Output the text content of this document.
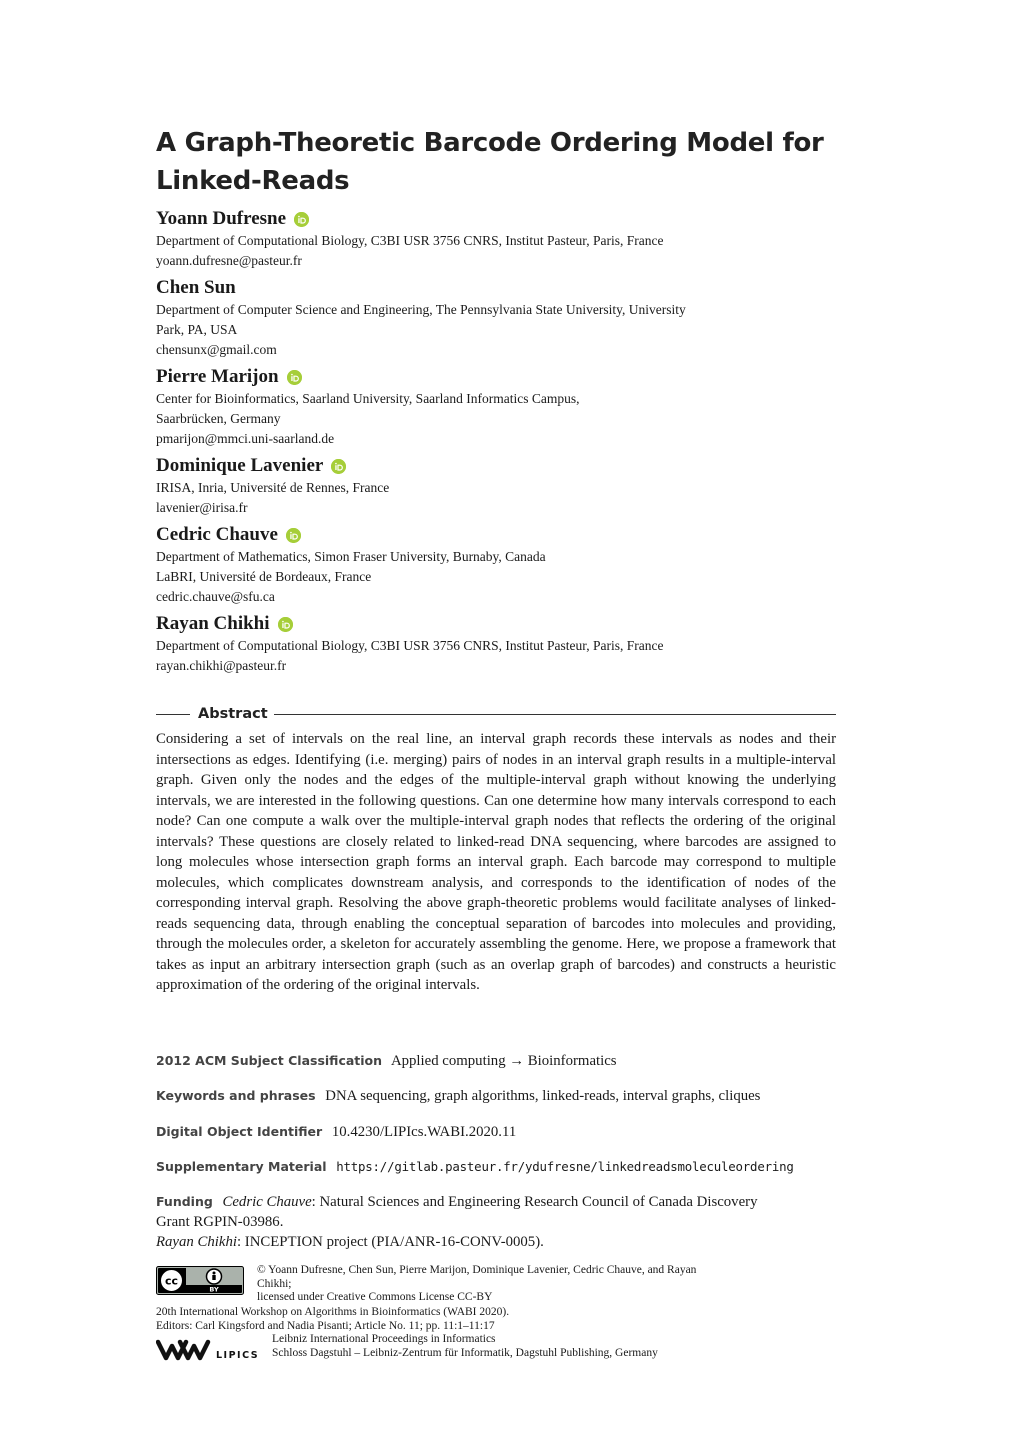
A Graph-Theoretic Barcode Ordering Model for
Linked-Reads
Yoann Dufresne
Department of Computational Biology, C3BI USR 3756 CNRS, Institut Pasteur, Paris, France
yoann.dufresne@pasteur.fr
Chen Sun
Department of Computer Science and Engineering, The Pennsylvania State University, University
Park, PA, USA
chensunx@gmail.com
Pierre Marijon
Center for Bioinformatics, Saarland University, Saarland Informatics Campus,
Saarbrücken, Germany
pmarijon@mmci.uni-saarland.de
Dominique Lavenier
IRISA, Inria, Université de Rennes, France
lavenier@irisa.fr
Cedric Chauve
Department of Mathematics, Simon Fraser University, Burnaby, Canada
LaBRI, Université de Bordeaux, France
cedric.chauve@sfu.ca
Rayan Chikhi
Department of Computational Biology, C3BI USR 3756 CNRS, Institut Pasteur, Paris, France
rayan.chikhi@pasteur.fr
Abstract

Considering a set of intervals on the real line, an interval graph records these intervals as nodes and their intersections as edges. Identifying (i.e. merging) pairs of nodes in an interval graph results in a multiple-interval graph. Given only the nodes and the edges of the multiple-interval graph without knowing the underlying intervals, we are interested in the following questions. Can one determine how many intervals correspond to each node? Can one compute a walk over the multiple-interval graph nodes that reflects the ordering of the original intervals? These questions are closely related to linked-read DNA sequencing, where barcodes are assigned to long molecules whose intersection graph forms an interval graph. Each barcode may correspond to multiple molecules, which complicates downstream analysis, and corresponds to the identification of nodes of the corresponding interval graph. Resolving the above graph-theoretic problems would facilitate analyses of linked-reads sequencing data, through enabling the conceptual separation of barcodes into molecules and providing, through the molecules order, a skeleton for accurately assembling the genome. Here, we propose a framework that takes as input an arbitrary intersection graph (such as an overlap graph of barcodes) and constructs a heuristic approximation of the ordering of the original intervals.

2012 ACM Subject Classification Applied computing → Bioinformatics
Keywords and phrases DNA sequencing, graph algorithms, linked-reads, interval graphs, cliques
Digital Object Identifier 10.4230/LIPIcs.WABI.2020.11
Supplementary Material https://gitlab.pasteur.fr/ydufresne/linkedreadsmoleculeordering
Funding Cedric Chauve: Natural Sciences and Engineering Research Council of Canada Discovery
Grant RGPIN-03986.
Rayan Chikhi: INCEPTION project (PIA/ANR-16-CONV-0005).
cc
BY
© Yoann Dufresne, Chen Sun, Pierre Marijon, Dominique Lavenier, Cedric Chauve, and Rayan
Chikhi;
licensed under Creative Commons License CC-BY
20th International Workshop on Algorithms in Bioinformatics (WABI 2020).
Editors: Carl Kingsford and Nadia Pisanti; Article No. 11; pp. 11:1–11:17
LIPICS
Leibniz International Proceedings in Informatics
Schloss Dagstuhl – Leibniz-Zentrum für Informatik, Dagstuhl Publishing, Germany
